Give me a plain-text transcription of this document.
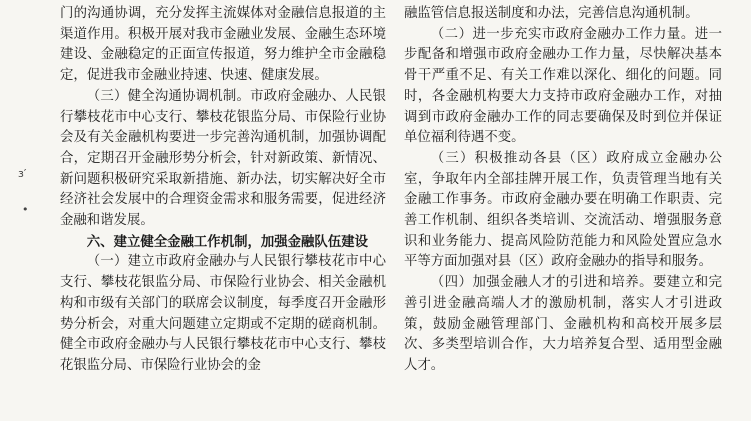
з′
•

门的沟通协调，充分发挥主流媒体对金融信息报道的主渠道作用。积极开展对我市金融业发展、金融生态环境建设、金融稳定的正面宣传报道，努力维护全市金融稳定，促进我市金融业持速、快速、健康发展。

（三）健全沟通协调机制。市政府金融办、人民银行攀枝花市中心支行、攀枝花银监分局、市保险行业协会及有关金融机构要进一步完善沟通机制，加强协调配合，定期召开金融形势分析会，针对新政策、新情况、新问题积极研究采取新措施、新办法，切实解决好全市经济社会发展中的合理资金需求和服务需要，促进经济金融和谐发展。

六、建立健全金融工作机制，加强金融队伍建设

（一）建立市政府金融办与人民银行攀枝花市中心支行、攀枝花银监分局、市保险行业协会、相关金融机构和市级有关部门的联席会议制度，每季度召开金融形势分析会，对重大问题建立定期或不定期的磋商机制。健全市政府金融办与人民银行攀枝花市中心支行、攀枝花银监分局、市保险行业协会的金

融监管信息报送制度和办法，完善信息沟通机制。

（二）进一步充实市政府金融办工作力量。进一步配备和增强市政府金融办工作力量，尽快解决基本骨干严重不足、有关工作难以深化、细化的问题。同时，各金融机构要大力支持市政府金融办工作，对抽调到市政府金融办工作的同志要确保及时到位并保证单位福利待遇不变。

（三）积极推动各县（区）政府成立金融办公室，争取年内全部挂牌开展工作，负责管理当地有关金融工作事务。市政府金融办要在明确工作职责、完善工作机制、组织各类培训、交流活动、增强服务意识和业务能力、提高风险防范能力和风险处置应急水平等方面加强对县（区）政府金融办的指导和服务。

（四）加强金融人才的引进和培养。要建立和完善引进金融高端人才的激励机制，落实人才引进政策，鼓励金融管理部门、金融机构和高校开展多层次、多类型培训合作，大力培养复合型、适用型金融人才。
